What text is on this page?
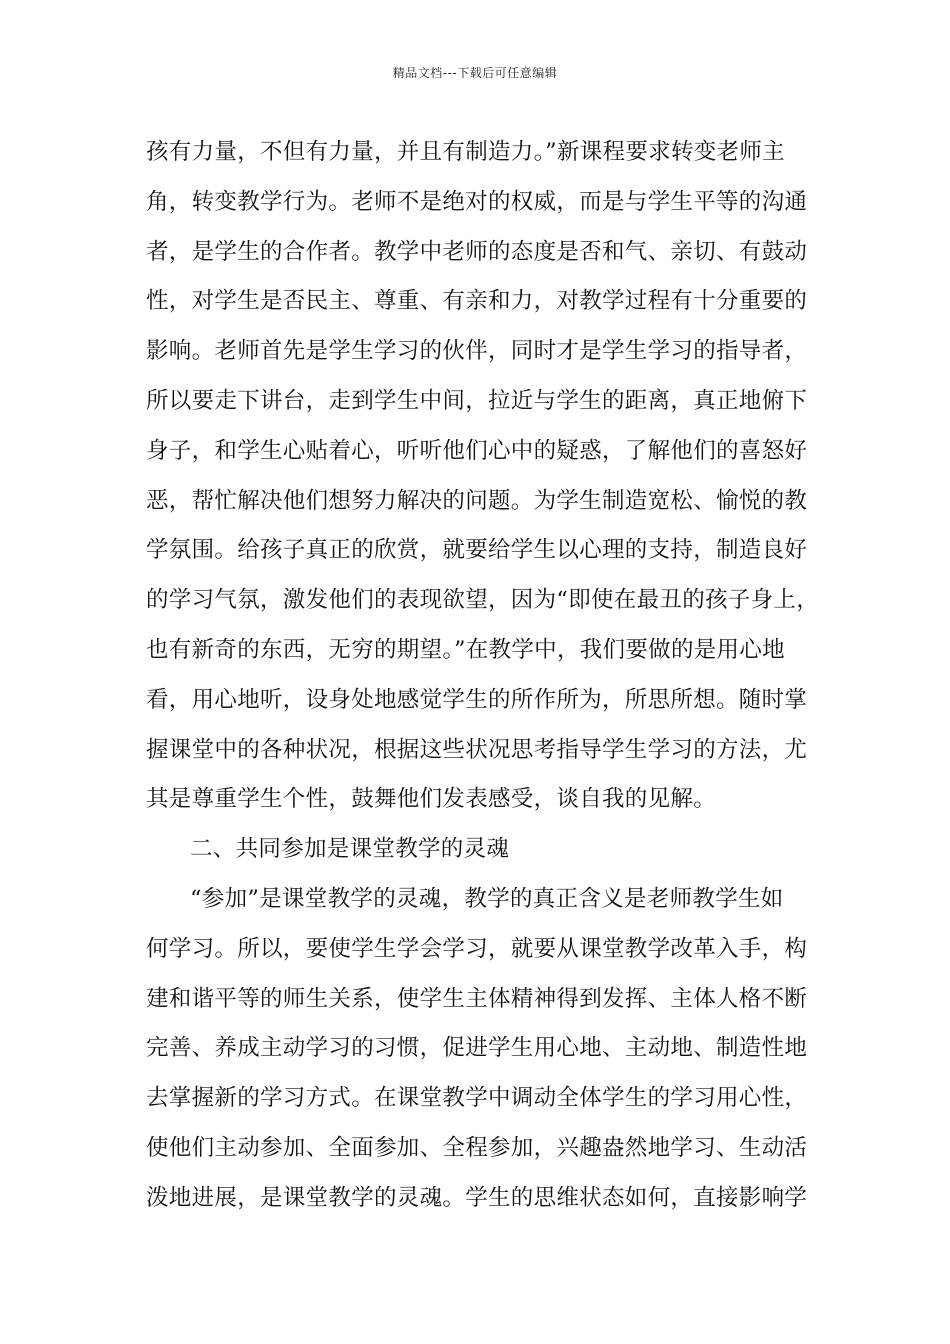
精品文档---下载后可任意编辑
孩有力量，不但有力量，并且有制造力。”新课程要求转变老师主
角，转变教学行为。老师不是绝对的权威，而是与学生平等的沟通
者，是学生的合作者。教学中老师的态度是否和气、亲切、有鼓动
性，对学生是否民主、尊重、有亲和力，对教学过程有十分重要的
影响。老师首先是学生学习的伙伴，同时才是学生学习的指导者，
所以要走下讲台，走到学生中间，拉近与学生的距离，真正地俯下
身子，和学生心贴着心，听听他们心中的疑惑，了解他们的喜怒好
恶，帮忙解决他们想努力解决的问题。为学生制造宽松、愉悦的教
学氛围。给孩子真正的欣赏，就要给学生以心理的支持，制造良好
的学习气氛，激发他们的表现欲望，因为“即使在最丑的孩子身上，
也有新奇的东西，无穷的期望。”在教学中，我们要做的是用心地
看，用心地听，设身处地感觉学生的所作所为，所思所想。随时掌
握课堂中的各种状况，根据这些状况思考指导学生学习的方法，尤
其是尊重学生个性，鼓舞他们发表感受，谈自我的见解。
二、共同参加是课堂教学的灵魂
“参加”是课堂教学的灵魂，教学的真正含义是老师教学生如
何学习。所以，要使学生学会学习，就要从课堂教学改革入手，构
建和谐平等的师生关系，使学生主体精神得到发挥、主体人格不断
完善、养成主动学习的习惯，促进学生用心地、主动地、制造性地
去掌握新的学习方式。在课堂教学中调动全体学生的学习用心性，
使他们主动参加、全面参加、全程参加，兴趣盎然地学习、生动活
泼地进展，是课堂教学的灵魂。学生的思维状态如何，直接影响学
